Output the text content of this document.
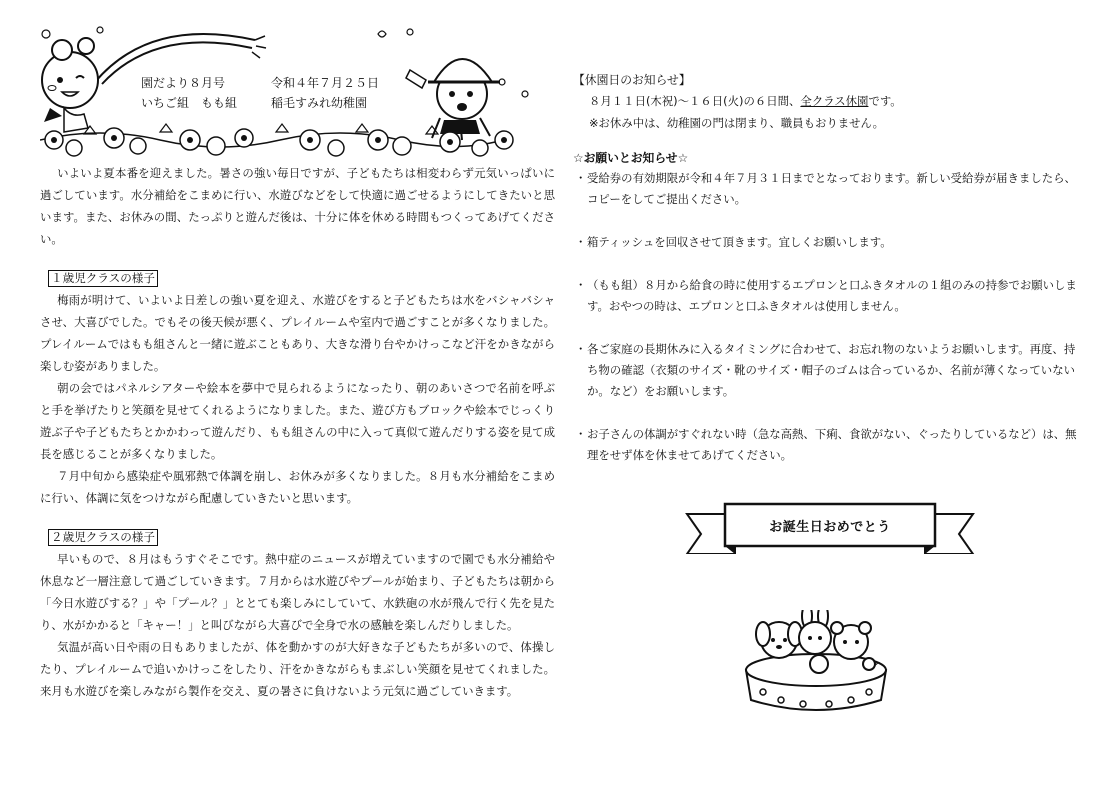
園だより８月号
いちご組　もも組
令和４年７月２５日
稲毛すみれ幼稚園

いよいよ夏本番を迎えました。暑さの強い毎日ですが、子どもたちは相変わらず元気いっぱいに過ごしています。水分補給をこまめに行い、水遊びなどをして快適に過ごせるようにしてきたいと思います。また、お休みの間、たっぷりと遊んだ後は、十分に体を休める時間もつくってあげてください。

１歳児クラスの様子

梅雨が明けて、いよいよ日差しの強い夏を迎え、水遊びをすると子どもたちは水をバシャバシャさせ、大喜びでした。でもその後天候が悪く、プレイルームや室内で過ごすことが多くなりました。プレイルームではもも組さんと一緒に遊ぶこともあり、大きな滑り台やかけっこなど汗をかきながら楽しむ姿がありました。

朝の会ではパネルシアターや絵本を夢中で見られるようになったり、朝のあいさつで名前を呼ぶと手を挙げたりと笑顔を見せてくれるようになりました。また、遊び方もブロックや絵本でじっくり遊ぶ子や子どもたちとかかわって遊んだり、もも組さんの中に入って真似て遊んだりする姿を見て成長を感じることが多くなりました。

７月中旬から感染症や風邪熱で体調を崩し、お休みが多くなりました。８月も水分補給をこまめに行い、体調に気をつけながら配慮していきたいと思います。

２歳児クラスの様子

早いもので、８月はもうすぐそこです。熱中症のニュースが増えていますので園でも水分補給や休息など一層注意して過ごしていきます。７月からは水遊びやプールが始まり、子どもたちは朝から「今日水遊びする？」や「プール？」ととても楽しみにしていて、水鉄砲の水が飛んで行く先を見たり、水がかかると「キャー！」と叫びながら大喜びで全身で水の感触を楽しんだりしました。

気温が高い日や雨の日もありましたが、体を動かすのが大好きな子どもたちが多いので、体操したり、プレイルームで追いかけっこをしたり、汗をかきながらもまぶしい笑顔を見せてくれました。来月も水遊びを楽しみながら製作を交え、夏の暑さに負けないよう元気に過ごしていきます。

【休園日のお知らせ】
８月１１日(木祝)～１６日(火)の６日間、全クラス休園です。
※お休み中は、幼稚園の門は閉まり、職員もおりません。
☆お願いとお知らせ☆
・受給券の有効期限が令和４年７月３１日までとなっております。新しい受給券が届きましたら、コピーをしてご提出ください。
・箱ティッシュを回収させて頂きます。宜しくお願いします。
・（もも組）８月から給食の時に使用するエプロンと口ふきタオルの１組のみの持参でお願いします。おやつの時は、エプロンと口ふきタオルは使用しません。
・各ご家庭の長期休みに入るタイミングに合わせて、お忘れ物のないようお願いします。再度、持ち物の確認（衣類のサイズ・靴のサイズ・帽子のゴムは合っているか、名前が薄くなっていないか。など）をお願いします。
・お子さんの体調がすぐれない時（急な高熱、下痢、食欲がない、ぐったりしているなど）は、無理をせず体を休ませてあげてください。
お誕生日おめでとう
